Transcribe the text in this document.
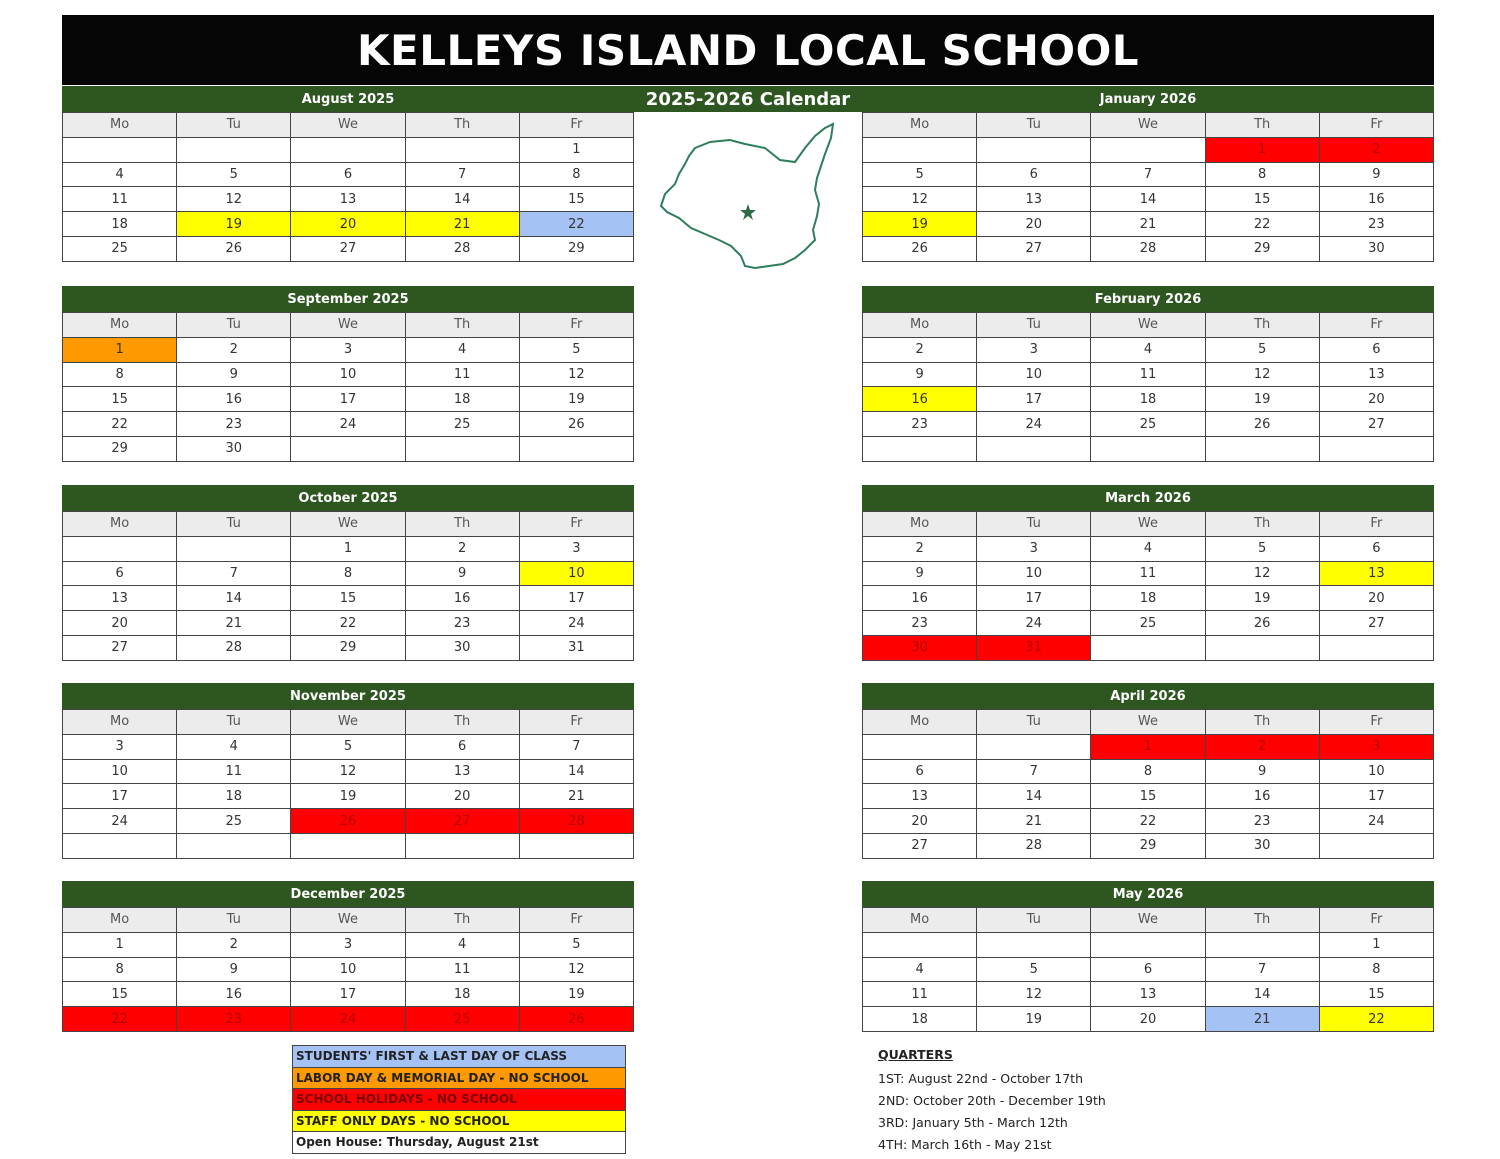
KELLEYS ISLAND LOCAL SCHOOL
2025-2026 Calendar
August 2025
Mo	Tu	We	Th	Fr
				1
4	5	6	7	8
11	12	13	14	15
18	19	20	21	22
25	26	27	28	29
September 2025
Mo	Tu	We	Th	Fr
1	2	3	4	5
8	9	10	11	12
15	16	17	18	19
22	23	24	25	26
29	30			
October 2025
Mo	Tu	We	Th	Fr
		1	2	3
6	7	8	9	10
13	14	15	16	17
20	21	22	23	24
27	28	29	30	31
November 2025
Mo	Tu	We	Th	Fr
3	4	5	6	7
10	11	12	13	14
17	18	19	20	21
24	25	26	27	28

December 2025
Mo	Tu	We	Th	Fr
1	2	3	4	5
8	9	10	11	12
15	16	17	18	19
22	23	24	25	26
January 2026
Mo	Tu	We	Th	Fr
			1	2
5	6	7	8	9
12	13	14	15	16
19	20	21	22	23
26	27	28	29	30
February 2026
Mo	Tu	We	Th	Fr
2	3	4	5	6
9	10	11	12	13
16	17	18	19	20
23	24	25	26	27

March 2026
Mo	Tu	We	Th	Fr
2	3	4	5	6
9	10	11	12	13
16	17	18	19	20
23	24	25	26	27
30	31			
April 2026
Mo	Tu	We	Th	Fr
		1	2	3
6	7	8	9	10
13	14	15	16	17
20	21	22	23	24
27	28	29	30	
May 2026
Mo	Tu	We	Th	Fr
				1
4	5	6	7	8
11	12	13	14	15
18	19	20	21	22
STUDENTS' FIRST & LAST DAY OF CLASS
LABOR DAY & MEMORIAL DAY - NO SCHOOL
SCHOOL HOLIDAYS - NO SCHOOL
STAFF ONLY DAYS - NO SCHOOL
Open House: Thursday, August 21st
QUARTERS
1ST: August 22nd - October 17th
2ND: October 20th - December 19th
3RD: January 5th - March 12th
4TH: March 16th - May 21st
